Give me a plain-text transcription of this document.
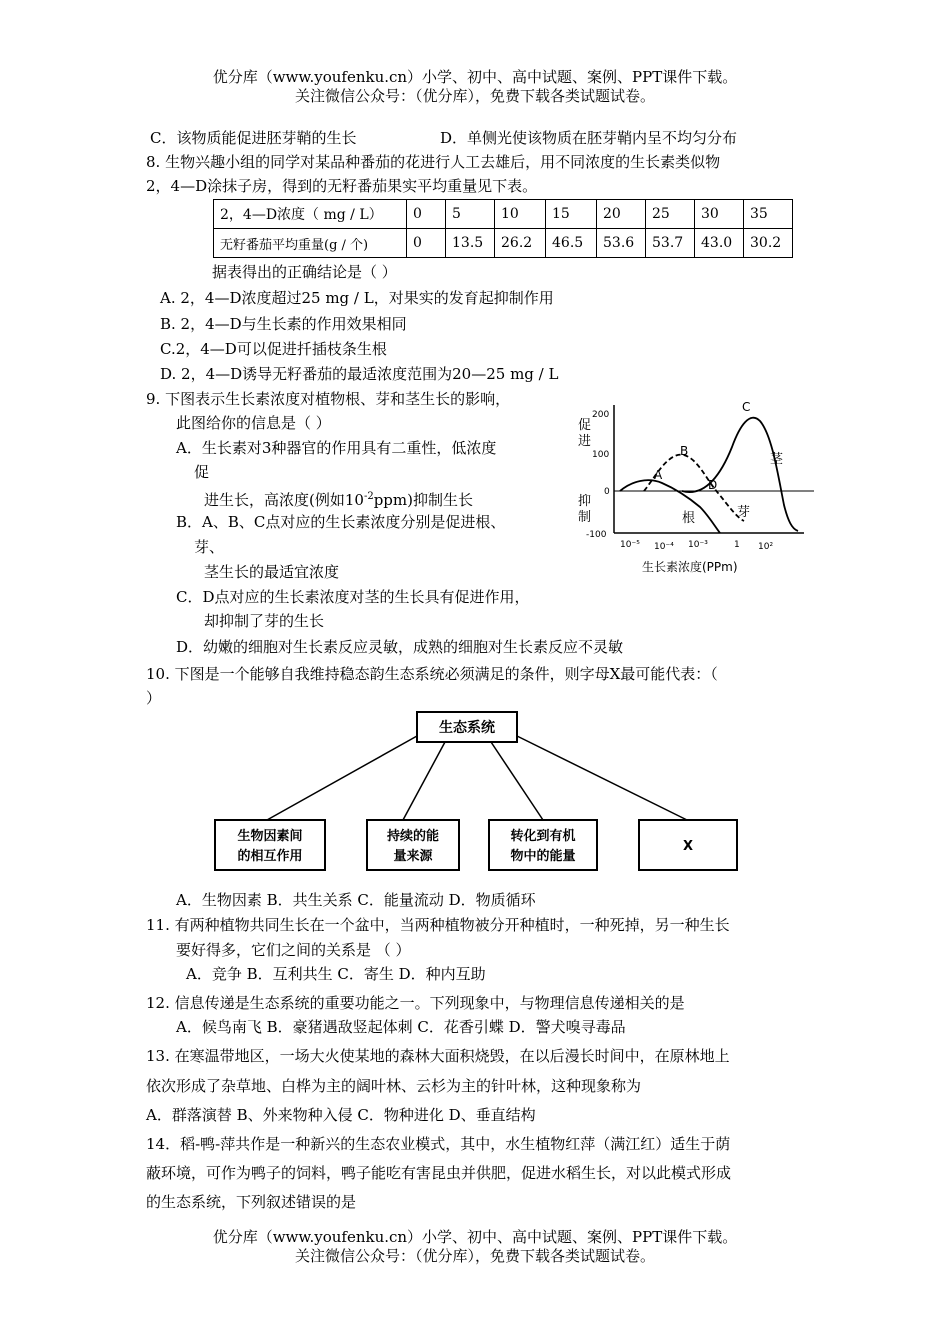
优分库（www.youfenku.cn）小学、初中、高中试题、案例、PPT课件下载。
关注微信公众号：（优分库），免费下载各类试题试卷。
C．该物质能促进胚芽鞘的生长	D．单侧光使该物质在胚芽鞘内呈不均匀分布
8. 生物兴趣小组的同学对某品种番茄的花进行人工去雄后，用不同浓度的生长素类似物
2，4—D涂抹子房，得到的无籽番茄果实平均重量见下表。
2，4—D浓度（ mg / L）	0	5	10	15	20	25	30	35
无籽番茄平均重量(g / 个)	0	13.5	26.2	46.5	53.6	53.7	43.0	30.2
据表得出的正确结论是（ ）
A. 2，4—D浓度超过25 mg / L，对果实的发育起抑制作用
B. 2，4—D与生长素的作用效果相同
C.2，4—D可以促进扦插枝条生根
D. 2，4—D诱导无籽番茄的最适浓度范围为20—25 mg / L
9. 下图表示生长素浓度对植物根、芽和茎生长的影响，
此图给你的信息是（ ）
A．生长素对3种器官的作用具有二重性，低浓度
促
进生长，高浓度(例如$10^{-2}ppm$)抑制生长
B．A、B、C点对应的生长素浓度分别是促进根、
芽、
茎生长的最适宜浓度
C．D点对应的生长素浓度对茎的生长具有促进作用，
却抑制了芽的生长
D．幼嫩的细胞对生长素反应灵敏，成熟的细胞对生长素反应不灵敏
促
进
抑
制
200
100
0
-100
10⁻⁵ 10⁻⁴ 10⁻³	1 10²
A
B
C
D
根	芽
茎
生长素浓度(PPm)
10. 下图是一个能够自我维持稳态韵生态系统必须满足的条件，则字母X最可能代表：（
）
生态系统
生物因素间
的相互作用
持续的能
量来源
转化到有机
物中的能量
X
A．生物因素 B．共生关系 C．能量流动 D．物质循环
11. 有两种植物共同生长在一个盆中，当两种植物被分开种植时，一种死掉，另一种生长
要好得多，它们之间的关系是 （ ）
A．竞争 B．互利共生 C．寄生 D．种内互助
12. 信息传递是生态系统的重要功能之一。下列现象中，与物理信息传递相关的是
A．候鸟南飞 B．豪猪遇敌竖起体刺 C．花香引蝶 D．警犬嗅寻毒品
13. 在寒温带地区，一场大火使某地的森林大面积烧毁，在以后漫长时间中，在原林地上
依次形成了杂草地、白桦为主的阔叶林、云杉为主的针叶林，这种现象称为
A．群落演替 B、外来物种入侵 C．物种进化 D、垂直结构
14．稻-鸭-萍共作是一种新兴的生态农业模式，其中，水生植物红萍（满江红）适生于荫
蔽环境，可作为鸭子的饲料，鸭子能吃有害昆虫并供肥，促进水稻生长，对以此模式形成
的生态系统，下列叙述错误的是
优分库（www.youfenku.cn）小学、初中、高中试题、案例、PPT课件下载。
关注微信公众号：（优分库），免费下载各类试题试卷。
